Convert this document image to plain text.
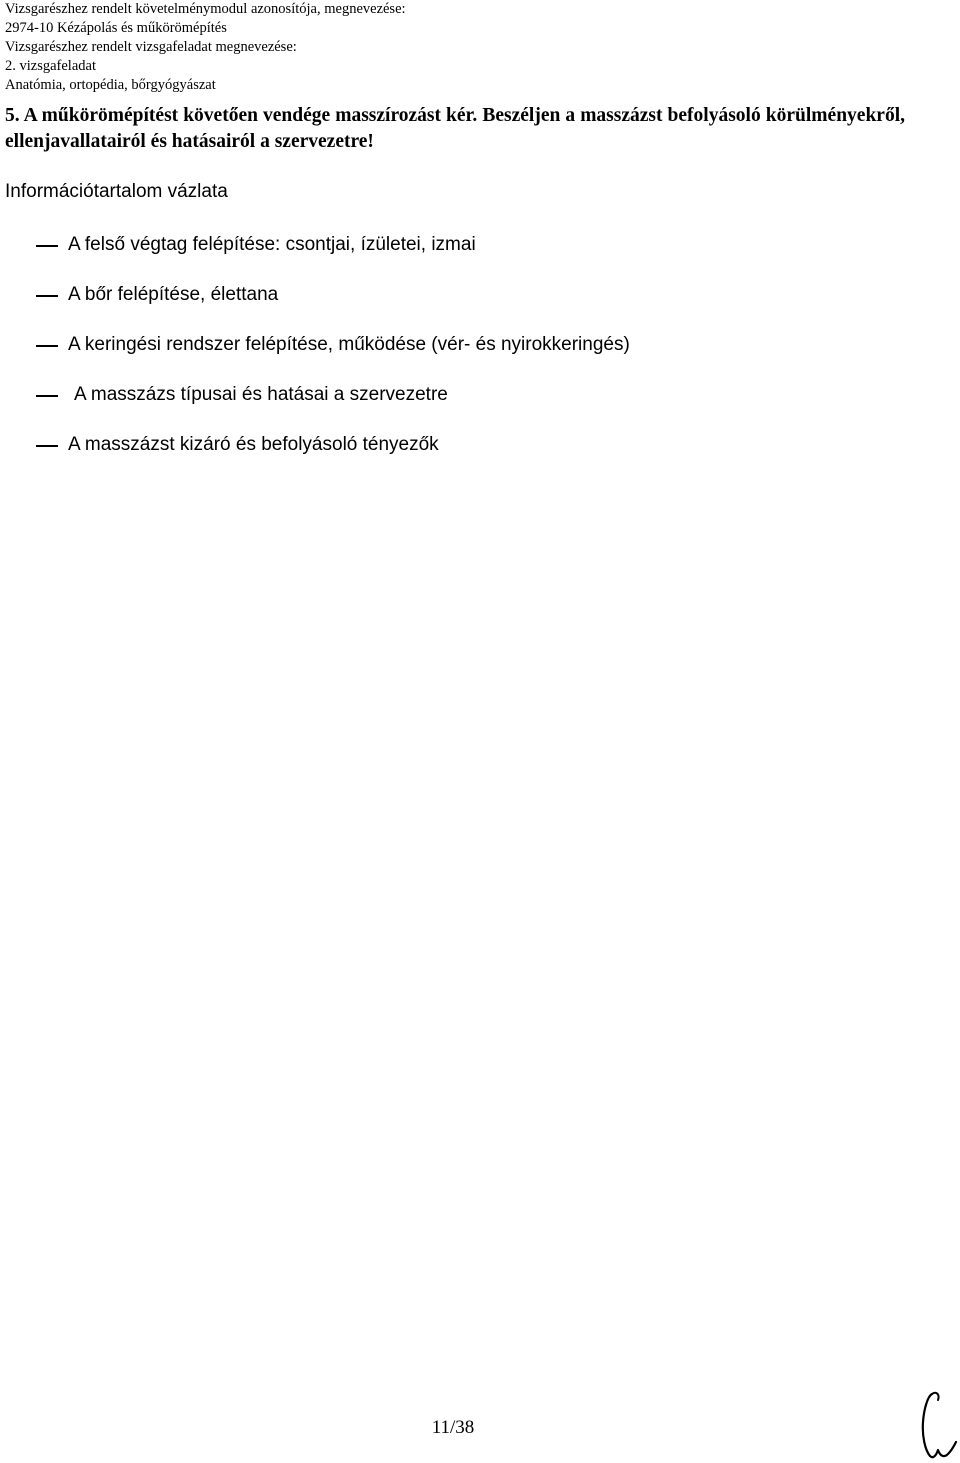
Vizsgarészhez rendelt követelménymodul azonosítója, megnevezése:
2974-10 Kézápolás és műkörömépítés
Vizsgarészhez rendelt vizsgafeladat megnevezése:
2. vizsgafeladat
Anatómia, ortopédia, bőrgyógyászat
5. A műkörömépítést követően vendége masszírozást kér. Beszéljen a masszázst befolyásoló körülményekről, ellenjavallatairól és hatásairól a szervezetre!
Információtartalom vázlata
A felső végtag felépítése: csontjai, ízületei, izmai
A bőr felépítése, élettana
A keringési rendszer felépítése, működése (vér- és nyirokkeringés)
A masszázs típusai és hatásai a szervezetre
A masszázst kizáró és befolyásoló tényezők
11/38
